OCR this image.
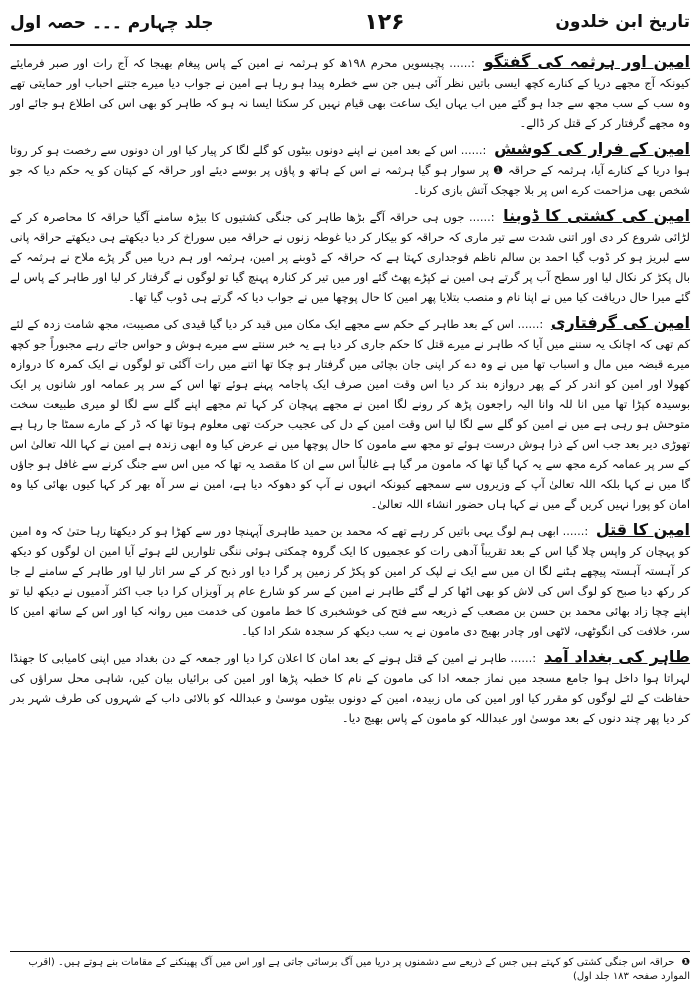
تاریخ ابن خلدون
۱۲۶
جلد چہارم ۔۔۔ حصہ اول
امین اور ہرثمہ کی گفتگو :...... پچیسویں محرم ۱۹۸ھ کو ہرثمہ نے امین کے پاس پیغام بھیجا کہ آج رات اور صبر فرمایئے کیونکہ آج مجھے دریا کے کنارے کچھ ایسی باتیں نظر آئی ہیں جن سے خطرہ پیدا ہو رہا ہے امین نے جواب دیا میرے جتنے احباب اور حمایتی تھے وہ سب کے سب مجھ سے جدا ہو گئے میں اب یہاں ایک ساعت بھی قیام نہیں کر سکتا ایسا نہ ہو کہ طاہر کو بھی اس کی اطلاع ہو جائے اور وہ مجھے گرفتار کر کے قتل کر ڈالے۔
امین کے فرار کی کوشش :...... اس کے بعد امین نے اپنے دونوں بیٹوں کو گلے لگا کر پیار کیا اور ان دونوں سے رخصت ہو کر روتا ہوا دریا کے کنارے آیا، ہرثمہ کے حراقہ ❶ پر سوار ہو گیا ہرثمہ نے اس کے ہاتھ و پاؤں پر بوسے دیئے اور حراقہ کے کپتان کو یہ حکم دیا کہ جو شخص بھی مزاحمت کرے اس پر بلا جھجک آتش بازی کرنا۔
امین کی کشتی کا ڈوبنا :...... جوں ہی حراقہ آگے بڑھا طاہر کی جنگی کشتیوں کا بیڑہ سامنے آگیا حراقہ کا محاصرہ کر کے لڑائی شروع کر دی اور اتنی شدت سے تیر ماری کہ حراقہ کو بیکار کر دیا غوطہ زنوں نے حراقہ میں سوراخ کر دیا دیکھتے ہی دیکھتے حراقہ پانی سے لبریز ہو کر ڈوب گیا احمد بن سالم ناظم فوجداری کہتا ہے کہ حراقہ کے ڈوبنے پر امین، ہرثمہ اور ہم دریا میں گر پڑے ملاح نے ہرثمہ کے بال پکڑ کر نکال لیا اور سطح آب پر گرتے ہی امین نے کپڑے پھٹ گئے اور میں تیر کر کنارہ پہنچ گیا تو لوگوں نے گرفتار کر لیا اور طاہر کے پاس لے گئے میرا حال دریافت کیا میں نے اپنا نام و منصب بتلایا پھر امین کا حال پوچھا میں نے جواب دیا کہ گرتے ہی ڈوب گیا تھا۔
امین کی گرفتاری :...... اس کے بعد طاہر کے حکم سے مجھے ایک مکان میں قید کر دیا گیا قیدی کی مصیبت، مجھ شامت زدہ کے لئے کم تھی کہ اچانک یہ سننے میں آیا کہ طاہر نے میرے قتل کا حکم جاری کر دیا ہے یہ خبر سنتے سے میرے ہوش و حواس جاتے رہے مجبوراً جو کچھ میرے قبضہ میں مال و اسباب تھا میں نے وہ دے کر اپنی جان بچائی میں گرفتار ہو چکا تھا اتنے میں رات آگئی تو لوگوں نے ایک کمرہ کا دروازہ کھولا اور امین کو اندر کر کے پھر دروازہ بند کر دیا اس وقت امین صرف ایک پاجامہ پہنے ہوئے تھا اس کے سر پر عمامہ اور شانوں پر ایک بوسیدہ کپڑا تھا میں انا للہ وانا الیہ راجعون پڑھ کر رونے لگا امین نے مجھے پہچان کر کہا تم مجھے اپنے گلے سے لگا لو میری طبیعت سخت متوحش ہو رہی ہے میں نے امین کو گلے سے لگا لیا اس وقت امین کے دل کی عجیب حرکت تھی معلوم ہوتا تھا کہ ڈر کے مارے سمٹا جا رہا ہے تھوڑی دیر بعد جب اس کے ذرا ہوش درست ہوئے تو مجھ سے مامون کا حال پوچھا میں نے عرض کیا وہ ابھی زندہ ہے امین نے کہا اللہ تعالیٰ اس کے سر پر عمامہ کرے مجھ سے یہ کہا گیا تھا کہ مامون مر گیا ہے غالباً اس سے ان کا مقصد یہ تھا کہ میں اس سے جنگ کرنے سے غافل ہو جاؤں گا میں نے کہا بلکہ اللہ تعالیٰ آپ کے وزیروں سے سمجھے کیونکہ انہوں نے آپ کو دھوکہ دیا ہے، امین نے سر آہ بھر کر کہا کیوں بھائی کیا وہ امان کو پورا نہیں کریں گے میں نے کہا ہاں حضور انشاء اللہ تعالیٰ۔
امین کا قتل :...... ابھی ہم لوگ یہی باتیں کر رہے تھے کہ محمد بن حمید طاہری آپہنچا دور سے کھڑا ہو کر دیکھتا رہا حتیٰ کہ وہ امین کو پہچان کر واپس چلا گیا اس کے بعد تقریباً آدھی رات کو عجمیوں کا ایک گروہ چمکتی ہوئی ننگی تلواریں لئے ہوئے آیا امین ان لوگوں کو دیکھ کر آہستہ آہستہ پیچھے ہٹنے لگا ان میں سے ایک نے لپک کر امین کو پکڑ کر زمین پر گرا دیا اور ذبح کر کے سر اتار لیا اور طاہر کے سامنے لے جا کر رکھ دیا صبح کو لوگ اس کی لاش کو بھی اٹھا کر لے گئے طاہر نے امین کے سر کو شارع عام پر آویزاں کرا دیا جب اکثر آدمیوں نے دیکھ لیا تو اپنے چچا زاد بھائی محمد بن حسن بن مصعب کے ذریعہ سے فتح کی خوشخبری کا خط مامون کی خدمت میں روانہ کیا اور اس کے ساتھ امین کا سر، خلافت کی انگوٹھی، لاٹھی اور چادر بھیج دی مامون نے یہ سب دیکھ کر سجدہ شکر ادا کیا۔
طاہر کی بغداد آمد :...... طاہر نے امین کے قتل ہونے کے بعد امان کا اعلان کرا دیا اور جمعہ کے دن بغداد میں اپنی کامیابی کا جھنڈا لہراتا ہوا داخل ہوا جامع مسجد میں نماز جمعہ ادا کی مامون کے نام کا خطبہ پڑھا اور امین کی برائیاں بیان کیں، شاہی محل سراؤں کی حفاظت کے لئے لوگوں کو مقرر کیا اور امین کی ماں زبیدہ، امین کے دونوں بیٹوں موسیٰ و عبداللہ کو بالائی داب کے شہروں کی طرف شہر بدر کر دیا پھر چند دنوں کے بعد موسیٰ اور عبداللہ کو مامون کے پاس بھیج دیا۔
❶ حراقہ اس جنگی کشتی کو کہتے ہیں جس کے ذریعے سے دشمنوں پر دریا میں آگ برسائی جاتی ہے اور اس میں آگ پھینکنے کے مقامات بنے ہوتے ہیں۔ (اقرب الموارد صفحہ ۱۸۳ جلد اول)
